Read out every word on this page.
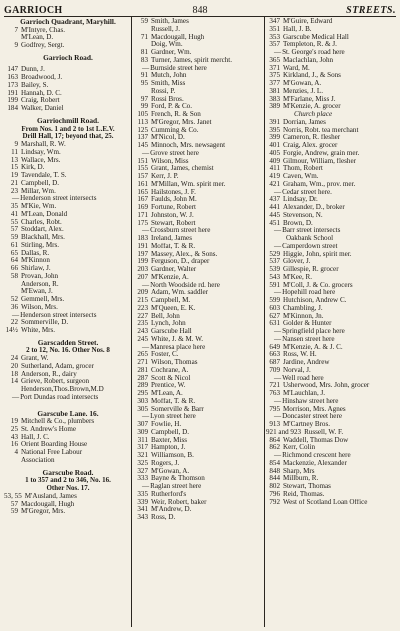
GARRIOCH	848	STREETS.
Garrioch Quadrant, Maryhill.
7 M'Intyre, Chas.
M'Lean, D.
9 Godfrey, Sergt.
Garrioch Road.
147 Dunn, J.
163 Broadwood, J.
173 Bailey, S.
191 Hannah, D. C.
199 Craig, Robert
184 Walker, Daniel
Garriochmill Road.
From Nos. 1 and 2 to 1st L.E.V.
Drill Hall, 17; beyond that, 25.
9 Marshall, R. W.
11 Lindsay, Wm.
13 Wallace, Mrs.
15 Kirk, D.
19 Tavendale, T. S.
21 Campbell, D.
23 Millar, Wm.
— Henderson street intersects
35 M'Kie, Wm.
41 M'Lean, Donald
55 Charles, Robt.
57 Stoddart, Alex.
59 Blackhall, Mrs.
61 Stirling, Mrs.
65 Dallas, R.
64 M'Kinnon
66 Shirlaw, J.
58 Provan, John
Anderson, R.
M'Ewan, J.
52 Gemmell, Mrs.
36 Wilson, Mrs.
— Henderson street intersects
22 Sommerville, D.
14½ White, Mrs.
Garscadden Street.
2 to 12, No. 16. Other Nos. 8
24 Grant, W.
20 Sutherland, Adam, grocer
18 Anderson, R., dairy
14 Grieve, Robert, surgeon
Henderson,Thos.Brown,M.D
— Port Dundas road intersects
Garscube Lane. 16.
19 Mitchell & Co., plumbers
25 St. Andrew's Home
43 Hall, J. C.
16 Orient Boarding House
4 National Free Labour
Association
Garscube Road.
1 to 357 and 2 to 346, No. 16.
Other Nos. 17.
53, 55 M'Ausland, James
57 Macdougall, Hugh
59 M'Gregor, Mrs.
59 Smith, James
Russell, J.
71 Macdougall, Hugh
Doig, Wm.
81 Gardner, Wm.
83 Turner, James, spirit mercht.
— Burnside street here
91 Mutch, John
95 Smith, Miss
Rossi, P.
97 Rossi Bros.
99 Ford, P. & Co.
105 French, R. & Son
113 M'Gregor, Mrs. Janet
125 Cumming & Co.
137 M'Nicol, D.
145 Minnoch, Mrs. newsagent
— Grove street here
151 Wilson, Miss
155 Grant, James, chemist
157 Kerr, J. P.
161 M'Millan, Wm. spirit mer.
165 Hailstones, J. F.
167 Faulds, John M.
169 Fortune, Robert
171 Johnston, W. J.
175 Stewart, Robert
— Crossburn street here
183 Ireland, James
191 Moffat, T. & R.
197 Massey, Alex., & Sons.
199 Ferguson, D., draper
203 Gardner, Walter
207 M'Kenzie, A.
— North Woodside rd. here
209 Adam, Wm. saddler
215 Campbell, M.
223 M'Queen, E. K.
227 Bell, John
235 Lynch, John
243 Garscube Hall
245 White, J. & M. W.
— Manresa place here
265 Foster, C.
271 Wilson, Thomas
281 Cochrane, A.
287 Scott & Nicol
289 Prentice, W.
295 M'Lean, A.
303 Moffat, T. & R.
305 Somerville & Barr
— Lyon street here
307 Fowlie, H.
309 Campbell, D.
311 Baxter, Miss
317 Hampton, J.
321 Williamson, B.
325 Rogers, J.
327 M'Gowan, A.
333 Bayne & Thomson
— Raglan street here
335 Rutherford's
339 Weir, Robert, baker
341 M'Andrew, D.
343 Ross, D.
347 M'Guire, Edward
351 Hall, J. B.
353 Garscube Medical Hall
357 Templeton, R. & J.
— St. George's road here
365 Maclachlan, John
371 Ward, M.
375 Kirkland, J., & Sons
377 M'Gowan, A.
381 Menzies, J. L.
383 M'Farlane, Miss J.
389 M'Kenzie, A. grocer
Church place
391 Dorrian, James
395 Norris, Robt. tea merchant
399 Cameron, R. flesher
401 Craig, Alex. grocer
405 Forgie, Andrew, grain mer.
409 Gilmour, William, flesher
411 Thom, Robert
419 Caven, Wm.
421 Graham, Wm., prov. mer.
— Cedar street here.
437 Lindsay, Dr.
441 Alexander, D., broker
445 Stevenson, N.
451 Brown, D.
— Barr street intersects
Oakbank School
— Camperdown street
529 Higgie, John, spirit mer.
537 Glover, J.
539 Gillespie, R. grocer
543 M'Kee, R.
591 M'Coll, J. & Co. grocers
— Hopehill road here
599 Hutchison, Andrew C.
603 Chambling, J.
627 M'Kinnon, Jn.
631 Golder & Hunter
— Springfield place here
— Nansen street here
649 M'Kenzie, A. & J. C.
663 Ross, W. H.
687 Jardine, Andrew
709 Norval, J.
— Well road here
721 Usherwood, Mrs. John, grocer
763 M'Lauchlan, J.
— Hinshaw street here
795 Morrison, Mrs. Agnes
— Doncaster street here
913 M'Cartney Bros.
921 and 923 Russell, W. F.
864 Waddell, Thomas Dow
862 Kerr, Colin
— Richmond crescent here
854 Mackenzie, Alexander
848 Sharp, Mrs
844 Millburn, R.
802 Stewart, Thomas
796 Reid, Thomas.
792 West of Scotland Loan Office
